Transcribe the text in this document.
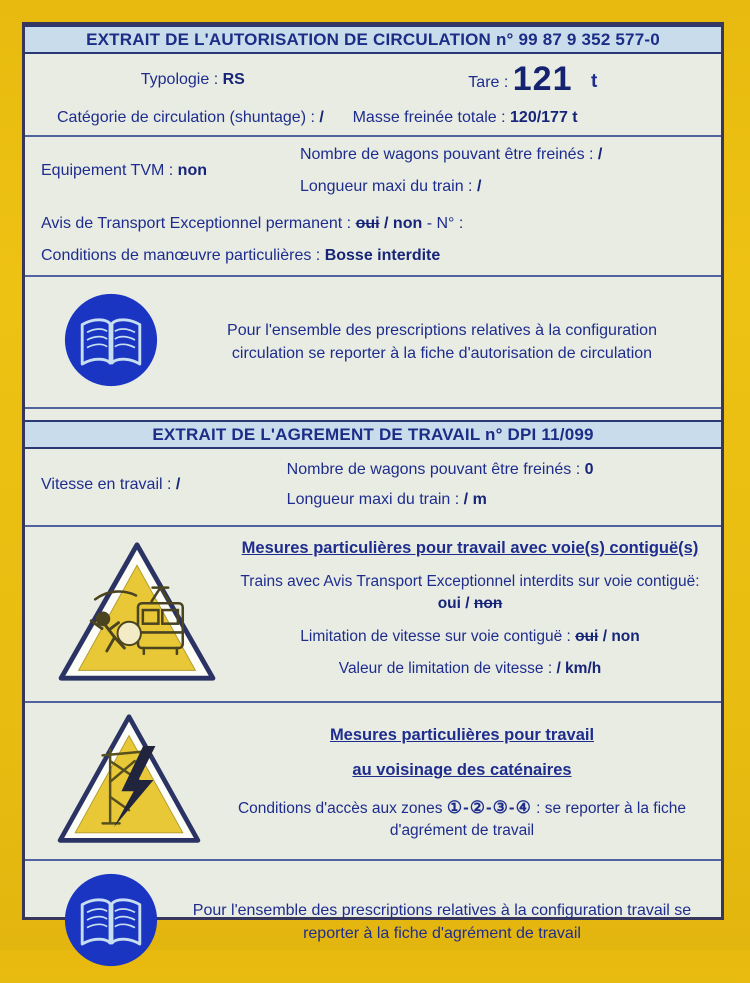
EXTRAIT DE L'AUTORISATION DE CIRCULATION n° 99 87 9 352 577-0
Typologie : RS	Tare : 121 t
Catégorie de circulation (shuntage) : /	Masse freinée totale : 120/177 t
Equipement TVM :
non
Nombre de wagons pouvant être freinés : /
Longueur maxi du train : /
Avis de Transport Exceptionnel permanent : oui / non - N° :
Conditions de manœuvre particulières : Bosse interdite
Pour l'ensemble des prescriptions relatives à la configuration circulation se reporter à la fiche d'autorisation de circulation
EXTRAIT DE L'AGREMENT DE TRAVAIL n° DPI 11/099
Vitesse en travail :
/
Nombre de wagons pouvant être freinés : 0
Longueur maxi du train : / m
Mesures particulières pour travail avec voie(s) contiguë(s)
Trains avec Avis Transport Exceptionnel interdits sur voie contiguë: oui / non
Limitation de vitesse sur voie contiguë : oui / non
Valeur de limitation de vitesse : / km/h
Mesures particulières pour travail
au voisinage des caténaires
Conditions d'accès aux zones ①-②-③-④ : se reporter à la fiche d'agrément de travail
Pour l'ensemble des prescriptions relatives à la configuration travail se reporter à la fiche d'agrément de travail
